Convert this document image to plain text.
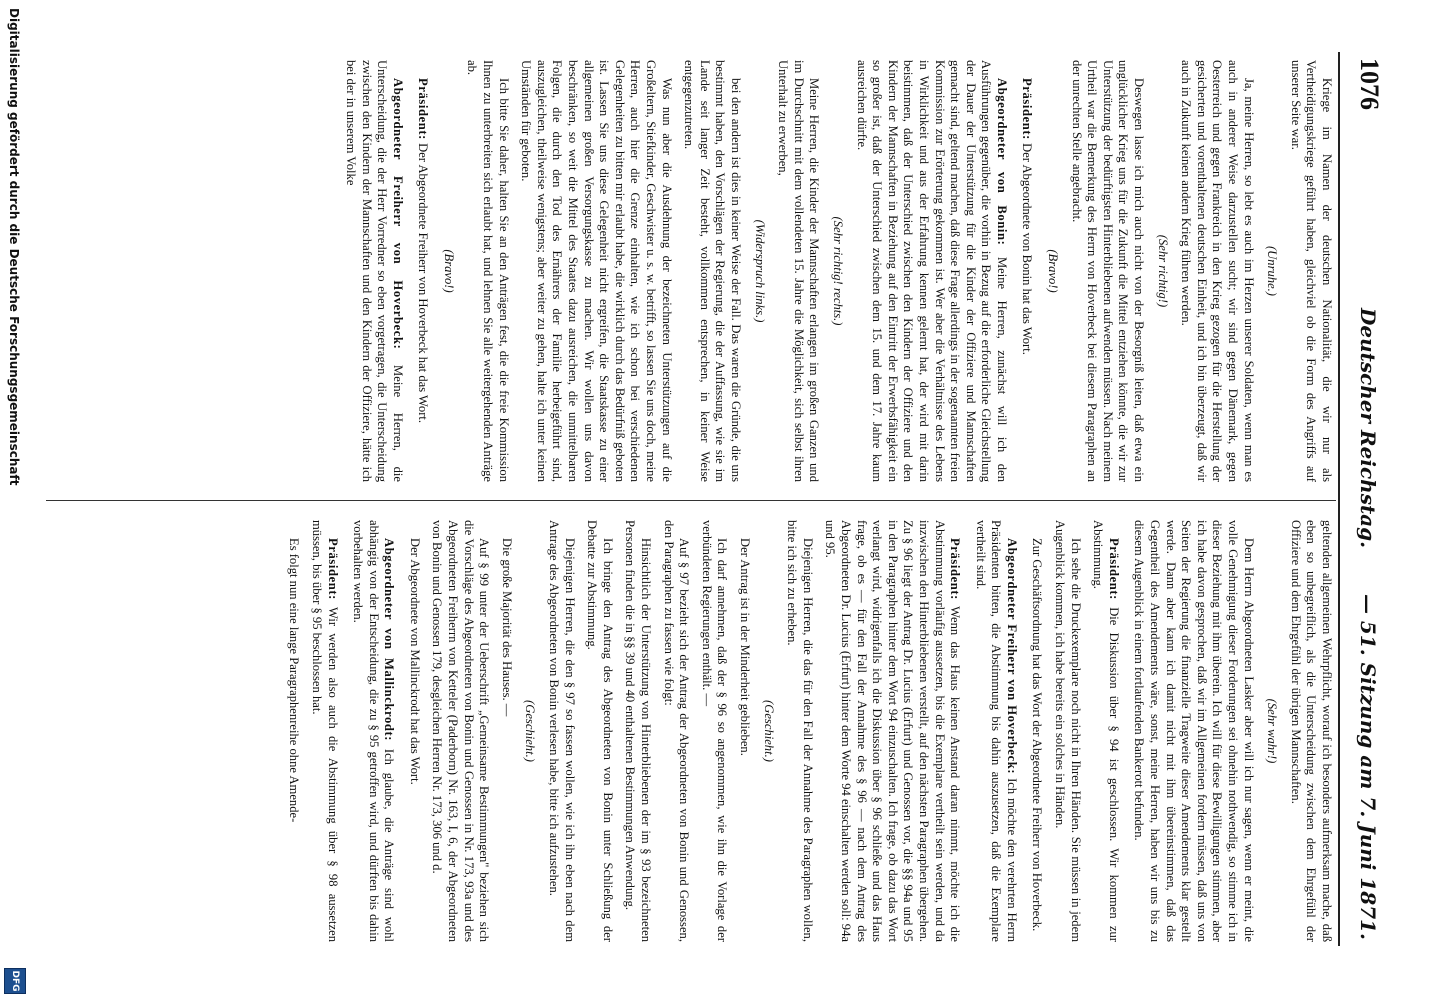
1076
Deutscher Reichstag.
— 51. Sitzung am 7. Juni 1871.

Kriege im Namen der deutschen Nationalität, die wir nur als Vertheidigungskriege geführt haben, gleichviel ob die Form des Angriffs auf unserer Seite war.

(Unruhe.)

Ja, meine Herren, so lebt es auch im Herzen unserer Soldaten, wenn man es auch in anderer Weise darzustellen sucht; wir sind gegen Dänemark, gegen Oesterreich und gegen Frankreich in den Krieg gezogen für die Herstellung der gesicherten und vorenthaltenen deutschen Einheit, und ich bin überzeugt, daß wir auch in Zukunft keinen andern Krieg führen werden.

(Sehr richtig!)

Deswegen lasse ich mich auch nicht von der Besorgniß leiten, daß etwa ein unglücklicher Krieg uns für die Zukunft die Mittel entziehen könnte, die wir zur Unterstützung der bedürftigsten Hinterbliebenen aufwenden müssen. Nach meinem Urtheil war die Bemerkung des Herrn von Hoverbeck bei diesem Paragraphen an der unrechten Stelle angebracht.

(Bravo!)

Präsident: Der Abgeordnete von Bonin hat das Wort.

Abgeordneter von Bonin: Meine Herren, zunächst will ich den Ausführungen gegenüber, die vorhin in Bezug auf die erforderliche Gleichstellung der Dauer der Unterstützung für die Kinder der Offiziere und Mannschaften gemacht sind, geltend machen, daß diese Frage allerdings in der sogenannten freien Kommission zur Erörterung gekommen ist. Wer aber die Verhältnisse des Lebens in Wirklichkeit und aus der Erfahrung kennen gelernt hat, der wird mit darin beistimmen, daß der Unterschied zwischen den Kindern der Offiziere und den Kindern der Mannschaften in Beziehung auf den Eintritt der Erwerbsfähigkeit ein so großer ist, daß der Unterschied zwischen dem 15. und dem 17. Jahre kaum ausreichen dürfte.

(Sehr richtig! rechts.)

Meine Herren, die Kinder der Mannschaften erlangen im großen Ganzen und im Durchschnitt mit dem vollendeten 15. Jahre die Möglichkeit, sich selbst ihren Unterhalt zu erwerben,

(Widerspruch links.)

bei den andern ist dies in keiner Weise der Fall. Das waren die Gründe, die uns bestimmt haben, den Vorschlägen der Regierung, die der Auffassung, wie sie im Lande seit langer Zeit besteht, vollkommen entsprechen, in keiner Weise entgegenzutreten.

Was nun aber die Ausdehnung der bezeichneten Unterstützungen auf die Großeltern, Stiefkinder, Geschwister u. s. w. betrifft, so lassen Sie uns doch, meine Herren, auch hier die Grenze einhalten, wie ich schon bei verschiedenen Gelegenheiten zu bitten mir erlaubt habe, die wirklich durch das Bedürfniß geboten ist. Lassen Sie uns diese Gelegenheit nicht ergreifen, die Staatskasse zu einer allgemeinen großen Versorgungskasse zu machen. Wir wollen uns davon beschränken, so weit die Mittel des Staates dazu ausreichen, die unmittelbaren Folgen, die durch den Tod des Ernährers der Familie herbeigeführt sind, auszugleichen, theilweise wenigstens; aber weiter zu gehen, halte ich unter keinen Umständen für geboten.

Ich bitte Sie daher, halten Sie an den Anträgen fest, die die freie Kommission Ihnen zu unterbreiten sich erlaubt hat, und lehnen Sie alle weitergehenden Anträge ab.

(Bravo!)

Präsident: Der Abgeordnete Freiherr von Hoverbeck hat das Wort.

Abgeordneter Freiherr von Hoverbeck: Meine Herren, die Unterscheidung, die der Herr Vorredner so eben vorgetragen, die Unterscheidung zwischen den Kindern der Mannschaften und den Kindern der Offiziere, hätte ich bei der in unserem Volke

geltenden allgemeinen Wehrpflicht, worauf ich besonders aufmerksam mache, daß eben so unbegreiflich, als die Unterscheidung zwischen dem Ehrgefühl der Offiziere und dem Ehrgefühl der übrigen Mannschaften.

(Sehr wahr!)

Dem Herrn Abgeordneten Lasker aber will ich nur sagen, wenn er meint, die volle Genehmigung dieser Forderungen sei ohnehin nothwendig, so stimme ich in dieser Beziehung mit ihm überein. Ich will für diese Bewilligungen stimmen, aber ich habe davon gesprochen, daß wir im Allgemeinen fordern müssen, daß uns von Seiten der Regierung die finanzielle Tragweite dieser Amendements klar gestellt werde. Dann aber kann ich damit nicht mit ihm übereinstimmen, daß das Gegentheil des Amendements wäre, sonst, meine Herren, haben wir uns bis zu diesem Augenblick in einem fortlaufenden Bankerott befunden.

Präsident: Die Diskussion über § 94 ist geschlossen. Wir kommen zur Abstimmung.

Ich sehe die Druckexemplare noch nicht in Ihren Händen. Sie müssen in jedem Augenblick kommen, ich habe bereits ein solches in Händen.

Zur Geschäftsordnung hat das Wort der Abgeordnete Freiherr von Hoverbeck.

Abgeordneter Freiherr von Hoverbeck: Ich möchte den verehrten Herrn Präsidenten bitten, die Abstimmung bis dahin auszusetzen, daß die Exemplare vertheilt sind.

Präsident: Wenn das Haus keinen Anstand daran nimmt, möchte ich die Abstimmung vorläufig aussetzen, bis die Exemplare vertheilt sein werden, und da inzwischen den Hinterbliebenen verstellt, auf den nächsten Paragraphen übergehen. Zu § 96 liegt der Antrag Dr. Lucius (Erfurt) und Genossen vor, die §§ 94a und 95 in den Paragraphen hinter dem Wort 94 einzuschalten. Ich frage, ob dazu das Wort verlangt wird, widrigenfalls ich die Diskussion über § 96 schließe und das Haus frage, ob es — für den Fall der Annahme des § 96 — nach dem Antrag des Abgeordneten Dr. Lucius (Erfurt) hinter dem Worte 94 einschalten werden soll: 94a und 95.

Diejenigen Herren, die das für den Fall der Annahme des Paragraphen wollen, bitte ich sich zu erheben.

(Geschieht.)

Der Antrag ist in der Minderheit geblieben.

Ich darf annehmen, daß der § 96 so angenommen, wie ihn die Vorlage der verbündeten Regierungen enthält. —

Auf § 97 bezieht sich der Antrag der Abgeordneten von Bonin und Genossen, den Paragraphen zu fassen wie folgt:

Hinsichtlich der Unterstützung von Hinterbliebenen der im § 93 bezeichneten Personen finden die in §§ 39 und 40 enthaltenen Bestimmungen Anwendung.

Ich bringe den Antrag des Abgeordneten von Bonin unter Schließung der Debatte zur Abstimmung.

Diejenigen Herren, die den § 97 so fassen wollen, wie ich ihn eben nach dem Antrage des Abgeordneten von Bonin verlesen habe, bitte ich aufzustehen.

(Geschieht.)

Die große Majorität des Hauses. —

Auf § 99 unter der Ueberschrift „Gemeinsame Bestimmungen" beziehen sich die Vorschläge des Abgeordneten von Bonin und Genossen in Nr. 173, 93a und des Abgeordneten Freiherrn von Ketteler (Paderborn) Nr. 163, I, 6, der Abgeordneten von Bonin und Genossen 179, desgleichen Herren Nr. 173, 306 und d.

Der Abgeordnete von Mallinckrodt hat das Wort.

Abgeordneter von Mallinckrodt: Ich glaube, die Anträge sind wohl abhängig von der Entscheidung, die zu § 95 getroffen wird, und dürften bis dahin vorbehalten werden.

Präsident: Wir werden also auch die Abstimmung über § 98 aussetzen müssen, bis über § 95 beschlossen hat.

Es folgt nun eine lange Paragraphenreihe ohne Amende-

Digitalisierung gefördert durch die Deutsche Forschungsgemeinschaft
DFG
